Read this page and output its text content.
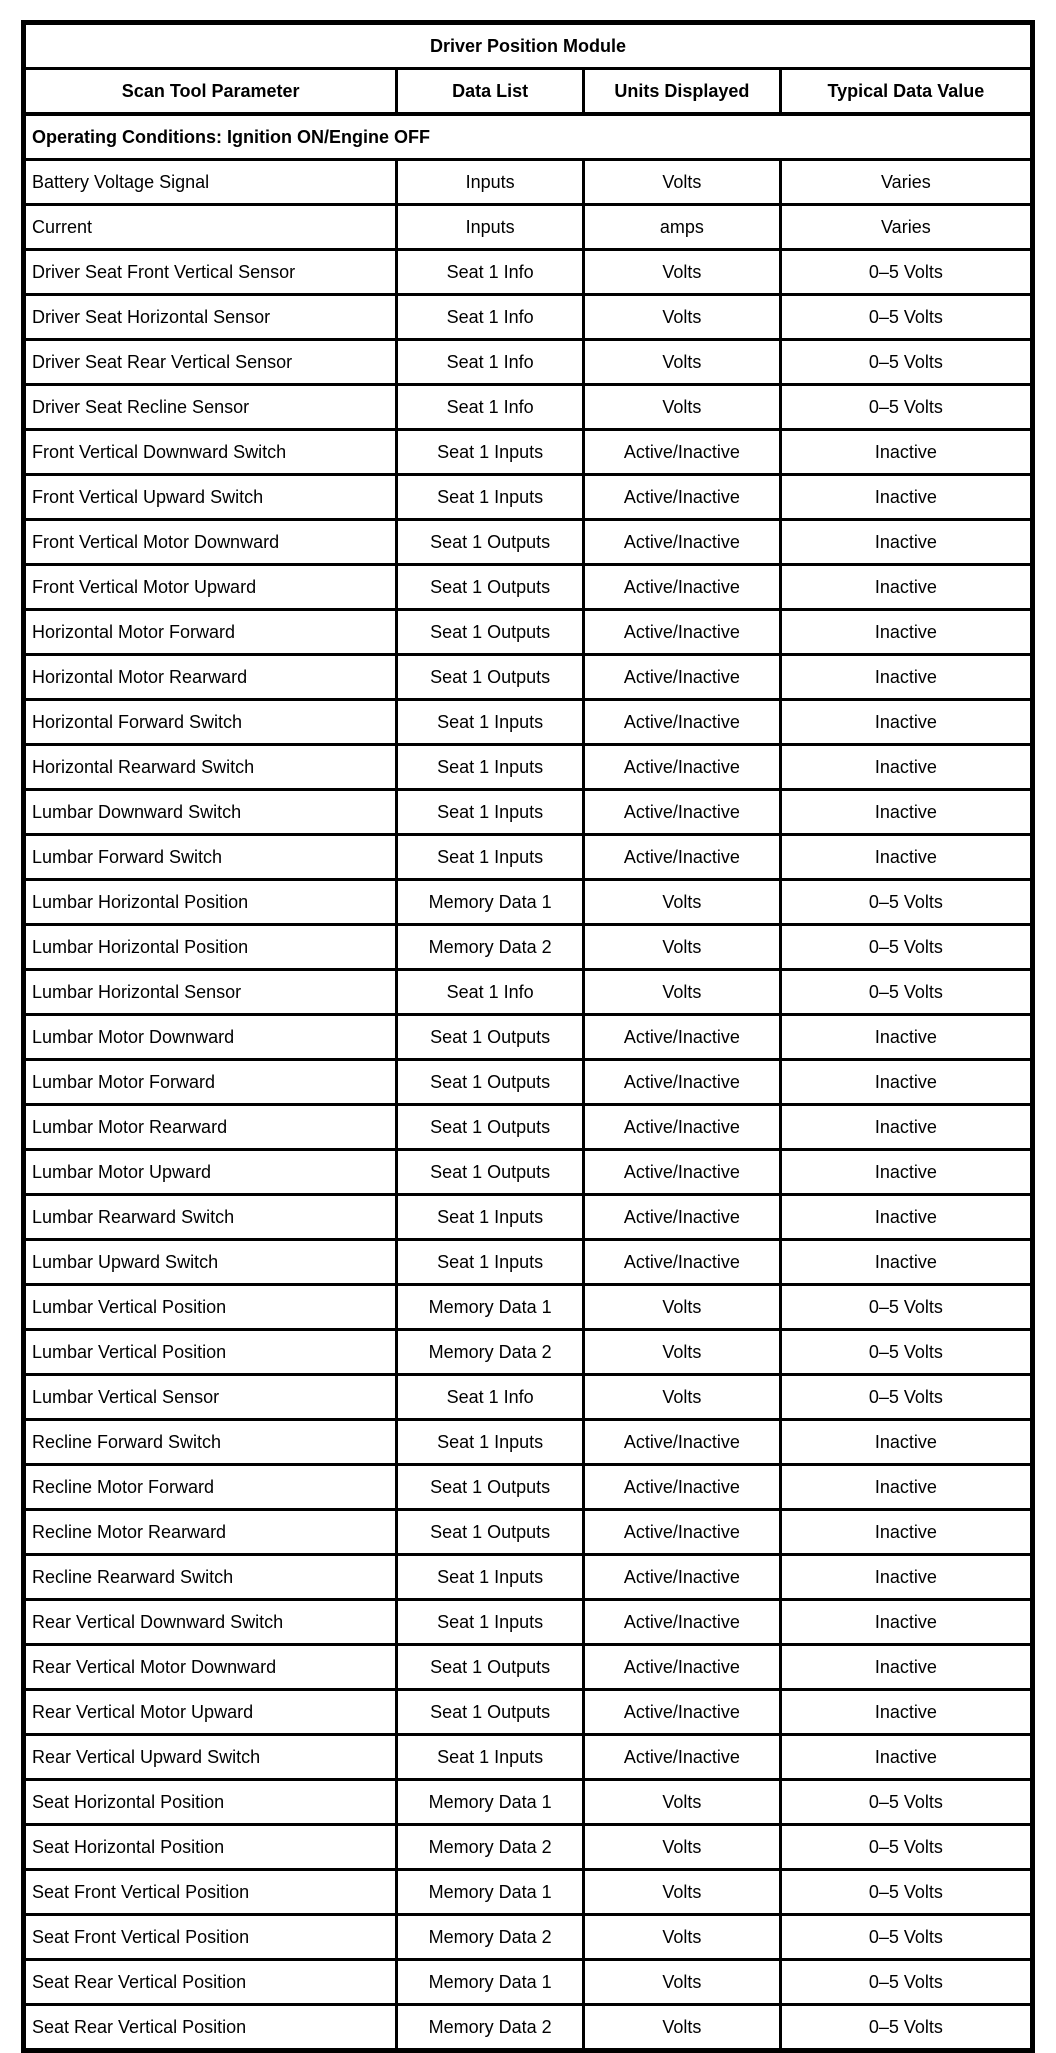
Driver Position Module			
Scan Tool Parameter	Data List	Units Displayed	Typical Data Value
Operating Conditions: Ignition ON/Engine OFF			
Battery Voltage Signal	Inputs	Volts	Varies
Current	Inputs	amps	Varies
Driver Seat Front Vertical Sensor	Seat 1 Info	Volts	0–5 Volts
Driver Seat Horizontal Sensor	Seat 1 Info	Volts	0–5 Volts
Driver Seat Rear Vertical Sensor	Seat 1 Info	Volts	0–5 Volts
Driver Seat Recline Sensor	Seat 1 Info	Volts	0–5 Volts
Front Vertical Downward Switch	Seat 1 Inputs	Active/Inactive	Inactive
Front Vertical Upward Switch	Seat 1 Inputs	Active/Inactive	Inactive
Front Vertical Motor Downward	Seat 1 Outputs	Active/Inactive	Inactive
Front Vertical Motor Upward	Seat 1 Outputs	Active/Inactive	Inactive
Horizontal Motor Forward	Seat 1 Outputs	Active/Inactive	Inactive
Horizontal Motor Rearward	Seat 1 Outputs	Active/Inactive	Inactive
Horizontal Forward Switch	Seat 1 Inputs	Active/Inactive	Inactive
Horizontal Rearward Switch	Seat 1 Inputs	Active/Inactive	Inactive
Lumbar Downward Switch	Seat 1 Inputs	Active/Inactive	Inactive
Lumbar Forward Switch	Seat 1 Inputs	Active/Inactive	Inactive
Lumbar Horizontal Position	Memory Data 1	Volts	0–5 Volts
Lumbar Horizontal Position	Memory Data 2	Volts	0–5 Volts
Lumbar Horizontal Sensor	Seat 1 Info	Volts	0–5 Volts
Lumbar Motor Downward	Seat 1 Outputs	Active/Inactive	Inactive
Lumbar Motor Forward	Seat 1 Outputs	Active/Inactive	Inactive
Lumbar Motor Rearward	Seat 1 Outputs	Active/Inactive	Inactive
Lumbar Motor Upward	Seat 1 Outputs	Active/Inactive	Inactive
Lumbar Rearward Switch	Seat 1 Inputs	Active/Inactive	Inactive
Lumbar Upward Switch	Seat 1 Inputs	Active/Inactive	Inactive
Lumbar Vertical Position	Memory Data 1	Volts	0–5 Volts
Lumbar Vertical Position	Memory Data 2	Volts	0–5 Volts
Lumbar Vertical Sensor	Seat 1 Info	Volts	0–5 Volts
Recline Forward Switch	Seat 1 Inputs	Active/Inactive	Inactive
Recline Motor Forward	Seat 1 Outputs	Active/Inactive	Inactive
Recline Motor Rearward	Seat 1 Outputs	Active/Inactive	Inactive
Recline Rearward Switch	Seat 1 Inputs	Active/Inactive	Inactive
Rear Vertical Downward Switch	Seat 1 Inputs	Active/Inactive	Inactive
Rear Vertical Motor Downward	Seat 1 Outputs	Active/Inactive	Inactive
Rear Vertical Motor Upward	Seat 1 Outputs	Active/Inactive	Inactive
Rear Vertical Upward Switch	Seat 1 Inputs	Active/Inactive	Inactive
Seat Horizontal Position	Memory Data 1	Volts	0–5 Volts
Seat Horizontal Position	Memory Data 2	Volts	0–5 Volts
Seat Front Vertical Position	Memory Data 1	Volts	0–5 Volts
Seat Front Vertical Position	Memory Data 2	Volts	0–5 Volts
Seat Rear Vertical Position	Memory Data 1	Volts	0–5 Volts
Seat Rear Vertical Position	Memory Data 2	Volts	0–5 Volts
